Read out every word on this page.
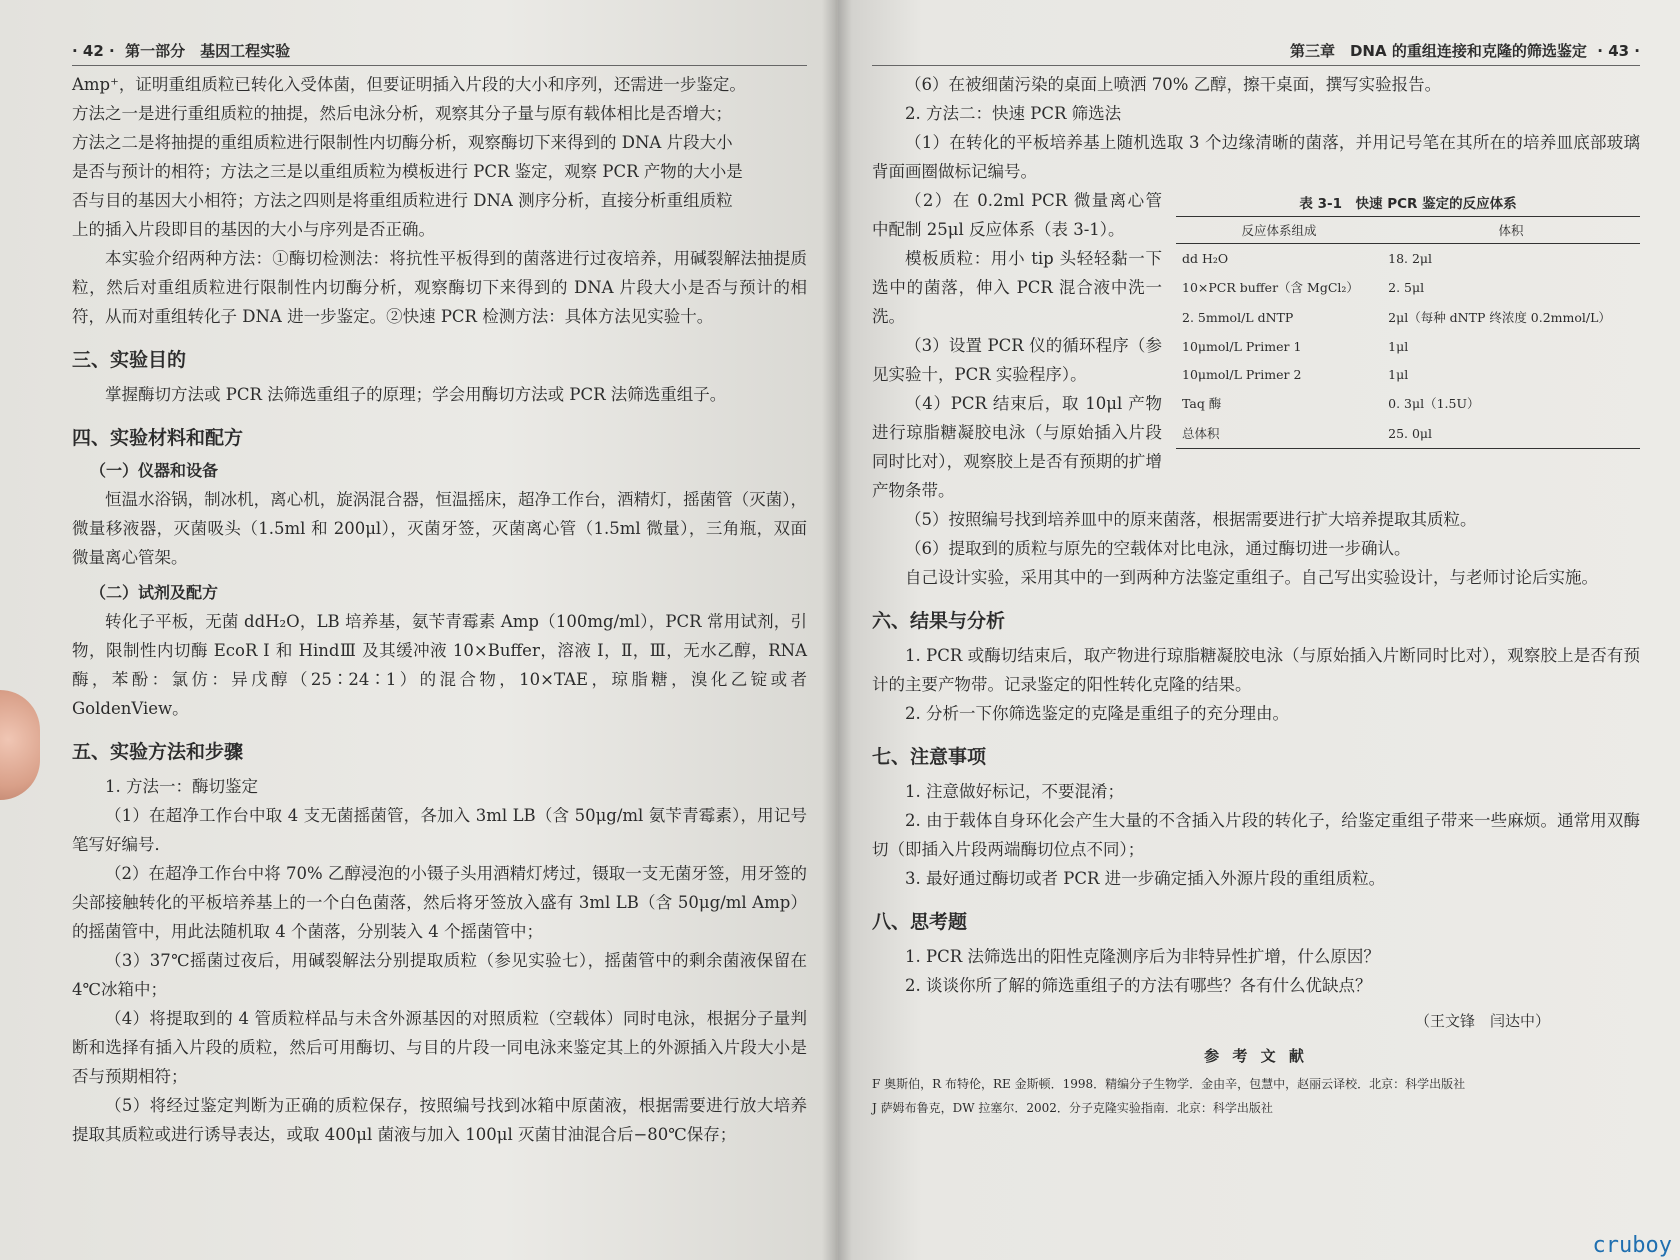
· 42 · 第一部分　基因工程实验

Amp⁺，证明重组质粒已转化入受体菌，但要证明插入片段的大小和序列，还需进一步鉴定。

方法之一是进行重组质粒的抽提，然后电泳分析，观察其分子量与原有载体相比是否增大；

方法之二是将抽提的重组质粒进行限制性内切酶分析，观察酶切下来得到的 DNA 片段大小

是否与预计的相符；方法之三是以重组质粒为模板进行 PCR 鉴定，观察 PCR 产物的大小是

否与目的基因大小相符；方法之四则是将重组质粒进行 DNA 测序分析，直接分析重组质粒

上的插入片段即目的基因的大小与序列是否正确。

本实验介绍两种方法：①酶切检测法：将抗性平板得到的菌落进行过夜培养，用碱裂解法抽提质粒，然后对重组质粒进行限制性内切酶分析，观察酶切下来得到的 DNA 片段大小是否与预计的相符，从而对重组转化子 DNA 进一步鉴定。②快速 PCR 检测方法：具体方法见实验十。

三、实验目的

掌握酶切方法或 PCR 法筛选重组子的原理；学会用酶切方法或 PCR 法筛选重组子。

四、实验材料和配方
（一）仪器和设备

恒温水浴锅，制冰机，离心机，旋涡混合器，恒温摇床，超净工作台，酒精灯，摇菌管（灭菌），微量移液器，灭菌吸头（1.5ml 和 200μl），灭菌牙签，灭菌离心管（1.5ml 微量），三角瓶，双面微量离心管架。

（二）试剂及配方

转化子平板，无菌 ddH₂O，LB 培养基，氨苄青霉素 Amp（100mg/ml），PCR 常用试剂，引物，限制性内切酶 EcoR Ⅰ 和 HindⅢ 及其缓冲液 10×Buffer，溶液 Ⅰ，Ⅱ，Ⅲ，无水乙醇，RNA 酶，苯酚：氯仿：异戊醇（25∶24∶1）的混合物，10×TAE，琼脂糖，溴化乙锭或者 GoldenView。

五、实验方法和步骤

1. 方法一：酶切鉴定

（1）在超净工作台中取 4 支无菌摇菌管，各加入 3ml LB（含 50μg/ml 氨苄青霉素），用记号笔写好编号．

（2）在超净工作台中将 70% 乙醇浸泡的小镊子头用酒精灯烤过，镊取一支无菌牙签，用牙签的尖部接触转化的平板培养基上的一个白色菌落，然后将牙签放入盛有 3ml LB（含 50μg/ml Amp）的摇菌管中，用此法随机取 4 个菌落，分别装入 4 个摇菌管中；

（3）37℃摇菌过夜后，用碱裂解法分别提取质粒（参见实验七），摇菌管中的剩余菌液保留在 4℃冰箱中；

（4）将提取到的 4 管质粒样品与未含外源基因的对照质粒（空载体）同时电泳，根据分子量判断和选择有插入片段的质粒，然后可用酶切、与目的片段一同电泳来鉴定其上的外源插入片段大小是否与预期相符；

（5）将经过鉴定判断为正确的质粒保存，按照编号找到冰箱中原菌液，根据需要进行放大培养提取其质粒或进行诱导表达，或取 400μl 菌液与加入 100μl 灭菌甘油混合后−80℃保存；

第三章　DNA 的重组连接和克隆的筛选鉴定 · 43 ·

（6）在被细菌污染的桌面上喷洒 70% 乙醇，擦干桌面，撰写实验报告。

2. 方法二：快速 PCR 筛选法

（1）在转化的平板培养基上随机选取 3 个边缘清晰的菌落，并用记号笔在其所在的培养皿底部玻璃背面画圈做标记编号。

（2）在 0.2ml PCR 微量离心管中配制 25μl 反应体系（表 3-1）。

模板质粒：用小 tip 头轻轻黏一下选中的菌落，伸入 PCR 混合液中洗一洗。

（3）设置 PCR 仪的循环程序（参见实验十，PCR 实验程序）。

（4）PCR 结束后，取 10μl 产物进行琼脂糖凝胶电泳（与原始插入片段同时比对），观察胶上是否有预期的扩增产物条带。

表 3-1　快速 PCR 鉴定的反应体系
反应体系组成	体积
dd H₂O	18. 2μl
10×PCR buffer（含 MgCl₂）	2. 5μl
2. 5mmol/L dNTP	2μl（每种 dNTP 终浓度 0.2mmol/L）
10μmol/L Primer 1	1μl
10μmol/L Primer 2	1μl
Taq 酶	0. 3μl（1.5U）
总体积	25. 0μl

（5）按照编号找到培养皿中的原来菌落，根据需要进行扩大培养提取其质粒。

（6）提取到的质粒与原先的空载体对比电泳，通过酶切进一步确认。

自己设计实验，采用其中的一到两种方法鉴定重组子。自己写出实验设计，与老师讨论后实施。

六、结果与分析

1. PCR 或酶切结束后，取产物进行琼脂糖凝胶电泳（与原始插入片断同时比对），观察胶上是否有预计的主要产物带。记录鉴定的阳性转化克隆的结果。

2. 分析一下你筛选鉴定的克隆是重组子的充分理由。

七、注意事项

1. 注意做好标记，不要混淆；

2. 由于载体自身环化会产生大量的不含插入片段的转化子，给鉴定重组子带来一些麻烦。通常用双酶切（即插入片段两端酶切位点不同）；

3. 最好通过酶切或者 PCR 进一步确定插入外源片段的重组质粒。

八、思考题

1. PCR 法筛选出的阳性克隆测序后为非特异性扩增，什么原因？

2. 谈谈你所了解的筛选重组子的方法有哪些？各有什么优缺点？

（王文锋　闫达中）
参 考 文 献
F 奥斯伯，R 布特伦，RE 金斯顿．1998．精编分子生物学．金由辛，包慧中，赵丽云译校．北京：科学出版社
J 萨姆布鲁克，DW 拉塞尔．2002．分子克隆实验指南．北京：科学出版社
cruboy
